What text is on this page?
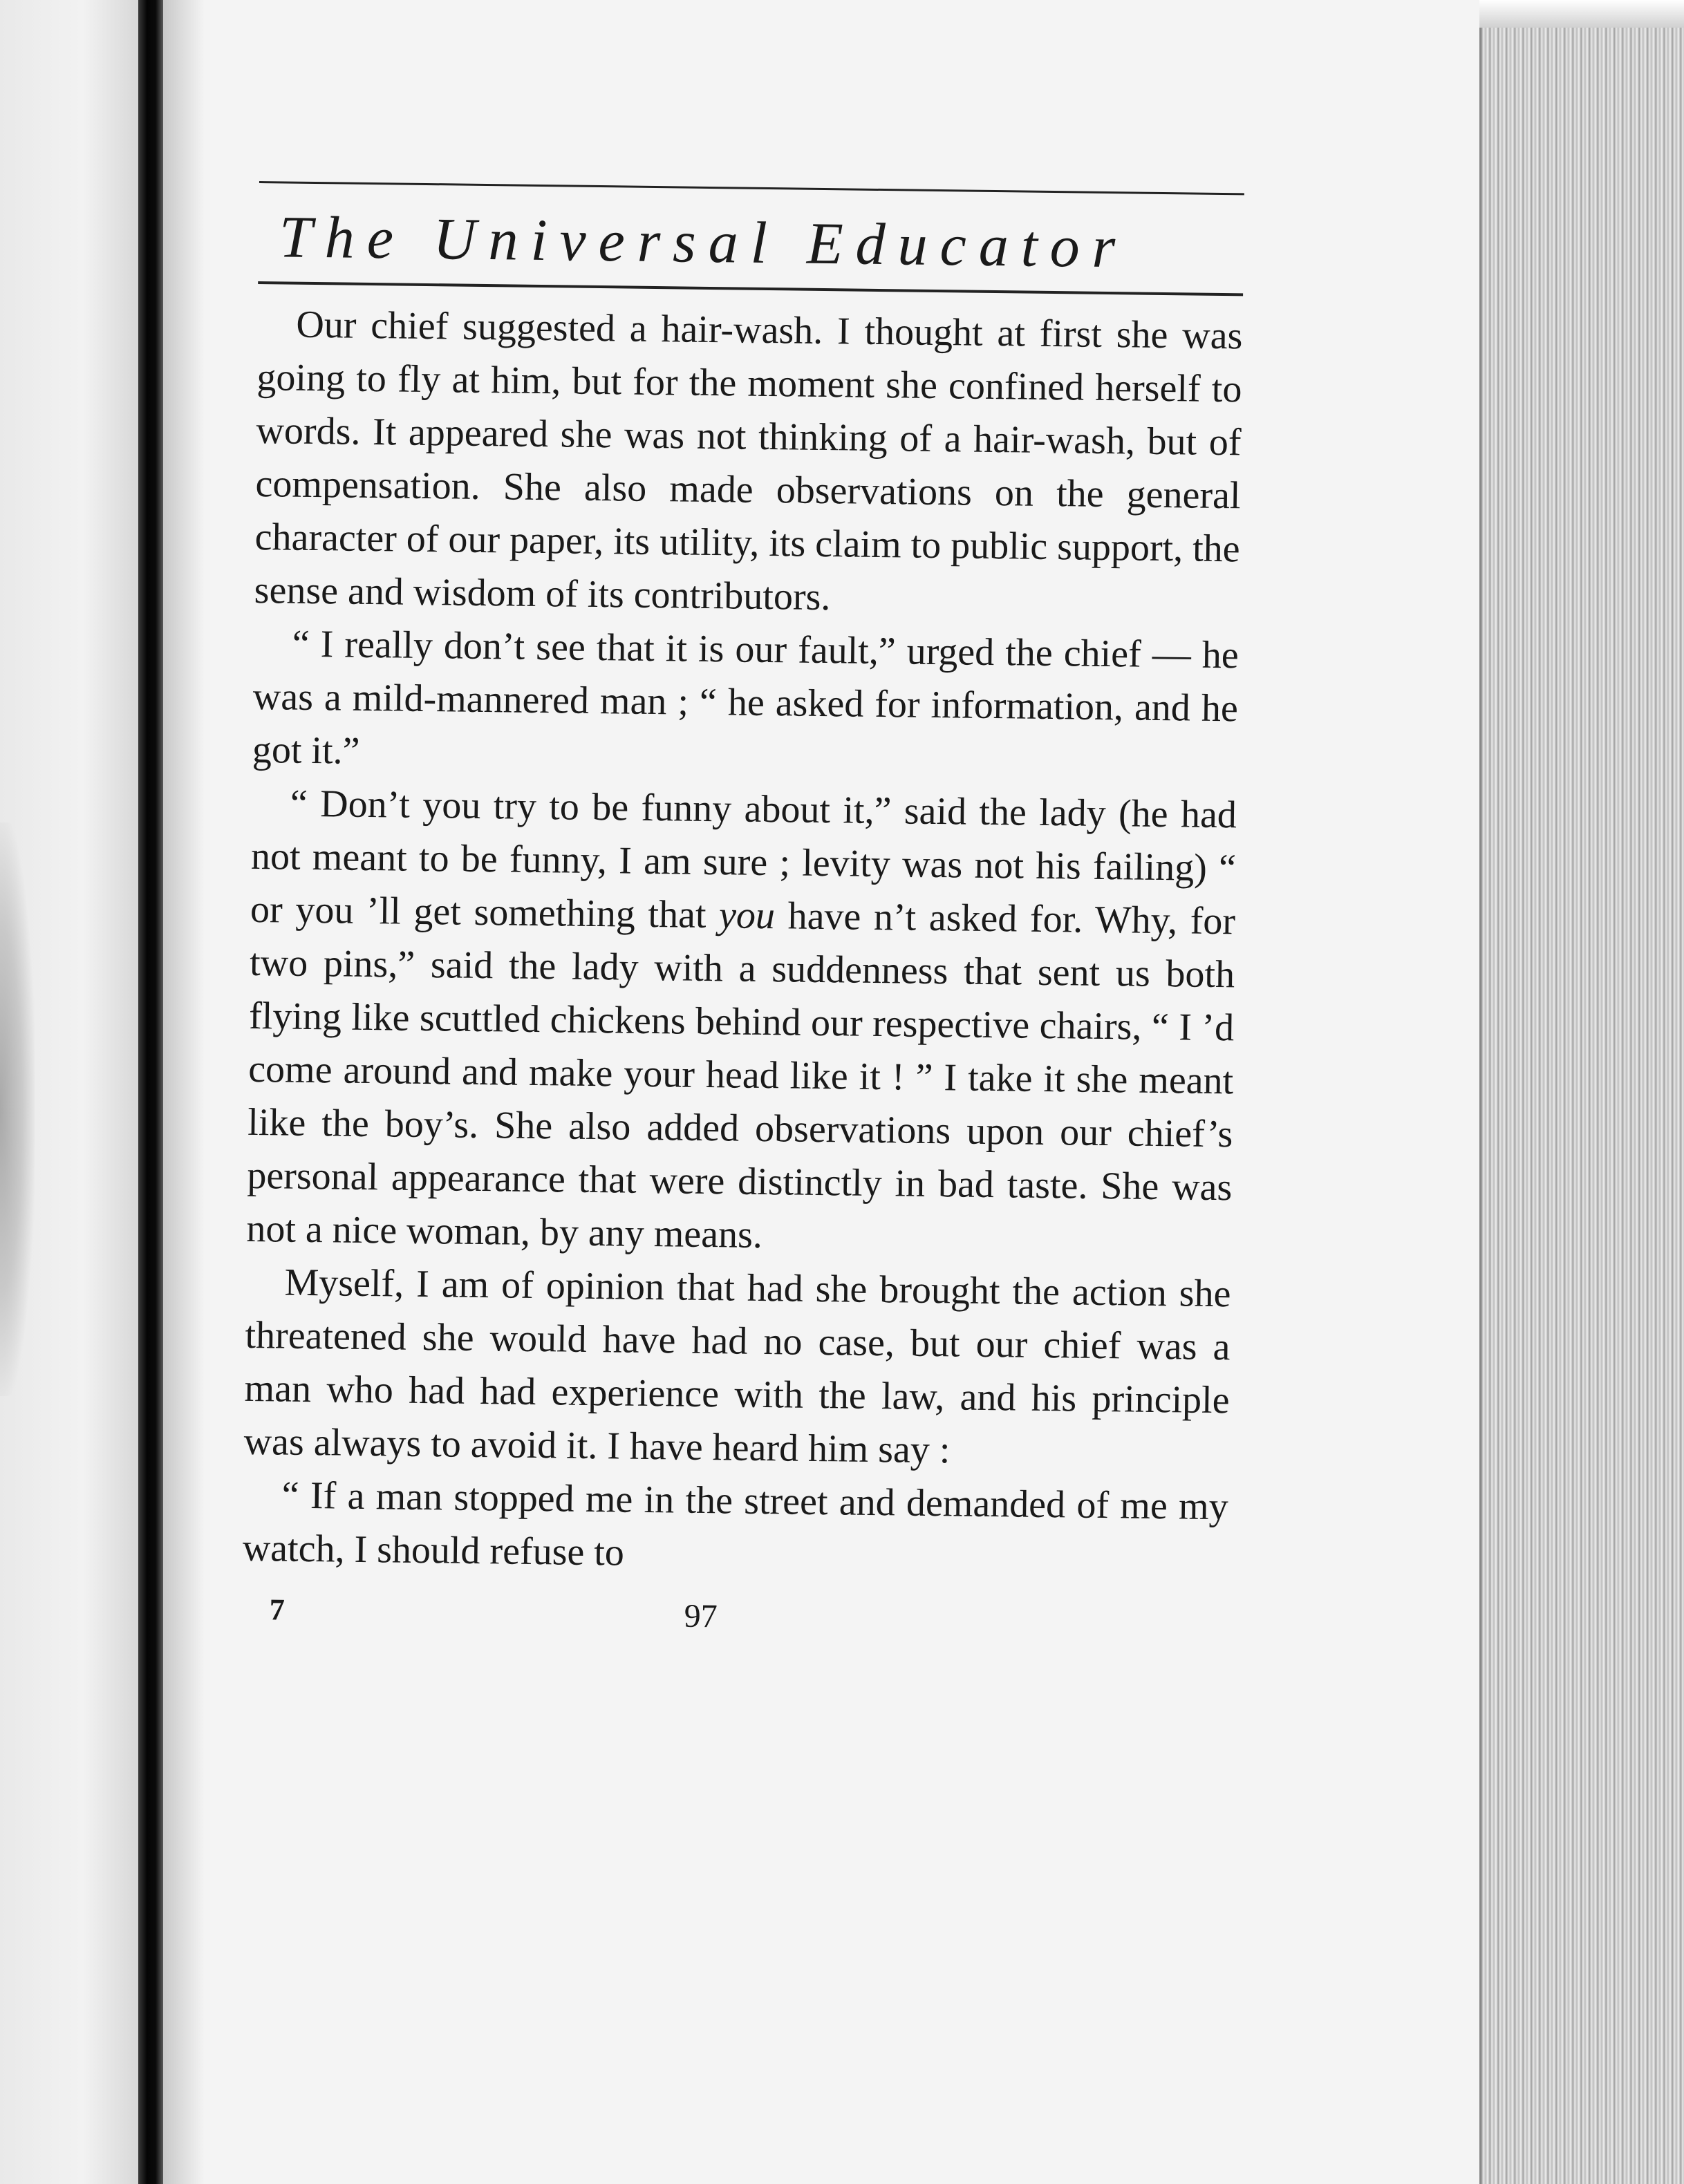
The Universal Educator

Our chief suggested a hair-wash. I thought at first she was going to fly at him, but for the moment she confined herself to words. It appeared she was not thinking of a hair-wash, but of compensation. She also made observations on the general character of our paper, its utility, its claim to public support, the sense and wisdom of its contributors.

“ I really don’t see that it is our fault,” urged the chief — he was a mild-mannered man ; “ he asked for information, and he got it.”

“ Don’t you try to be funny about it,” said the lady (he had not meant to be funny, I am sure ; levity was not his failing) “ or you ’ll get something that you have n’t asked for. Why, for two pins,” said the lady with a suddenness that sent us both flying like scuttled chickens behind our respective chairs, “ I ’d come around and make your head like it ! ” I take it she meant like the boy’s. She also added observations upon our chief’s personal appearance that were distinctly in bad taste. She was not a nice woman, by any means.

Myself, I am of opinion that had she brought the action she threatened she would have had no case, but our chief was a man who had had experience with the law, and his principle was always to avoid it. I have heard him say :

“ If a man stopped me in the street and demanded of me my watch, I should refuse to

7	97
